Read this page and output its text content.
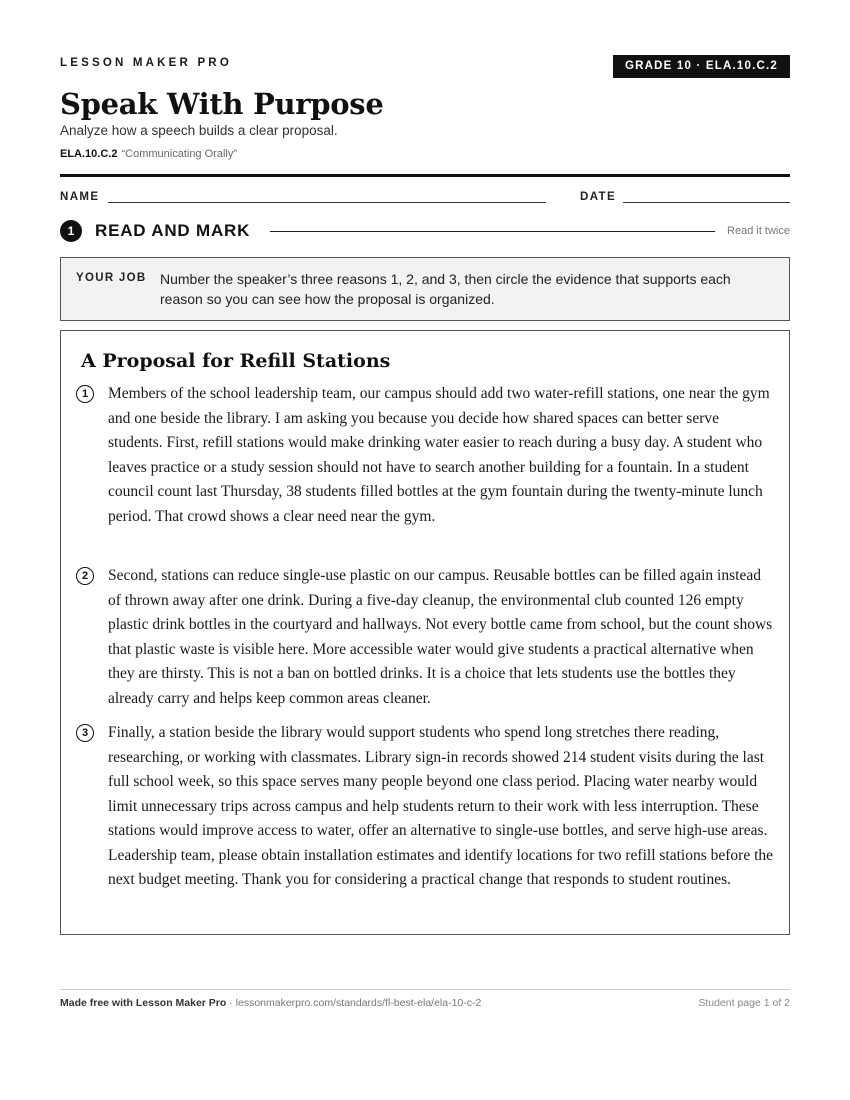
LESSON MAKER PRO	GRADE 10 · ELA.10.C.2
Speak With Purpose
Analyze how a speech builds a clear proposal.
ELA.10.C.2 “Communicating Orally”
NAME	DATE
1	READ AND MARK	Read it twice
YOUR JOB Number the speaker’s three reasons 1, 2, and 3, then circle the evidence that supports each reason so you can see how the proposal is organized.
A Proposal for Refill Stations
1	Members of the school leadership team, our campus should add two water-refill stations, one near the gym and one beside the library. I am asking you because you decide how shared spaces can better serve students. First, refill stations would make drinking water easier to reach during a busy day. A student who leaves practice or a study session should not have to search another building for a fountain. In a student council count last Thursday, 38 students filled bottles at the gym fountain during the twenty-minute lunch period. That crowd shows a clear need near the gym.
2	Second, stations can reduce single-use plastic on our campus. Reusable bottles can be filled again instead of thrown away after one drink. During a five-day cleanup, the environmental club counted 126 empty plastic drink bottles in the courtyard and hallways. Not every bottle came from school, but the count shows that plastic waste is visible here. More accessible water would give students a practical alternative when they are thirsty. This is not a ban on bottled drinks. It is a choice that lets students use the bottles they already carry and helps keep common areas cleaner.
3	Finally, a station beside the library would support students who spend long stretches there reading, researching, or working with classmates. Library sign-in records showed 214 student visits during the last full school week, so this space serves many people beyond one class period. Placing water nearby would limit unnecessary trips across campus and help students return to their work with less interruption. These stations would improve access to water, offer an alternative to single-use bottles, and serve high-use areas. Leadership team, please obtain installation estimates and identify locations for two refill stations before the next budget meeting. Thank you for considering a practical change that responds to student routines.
Made free with Lesson Maker Pro · lessonmakerpro.com/standards/fl-best-ela/ela-10-c-2	Student page 1 of 2
